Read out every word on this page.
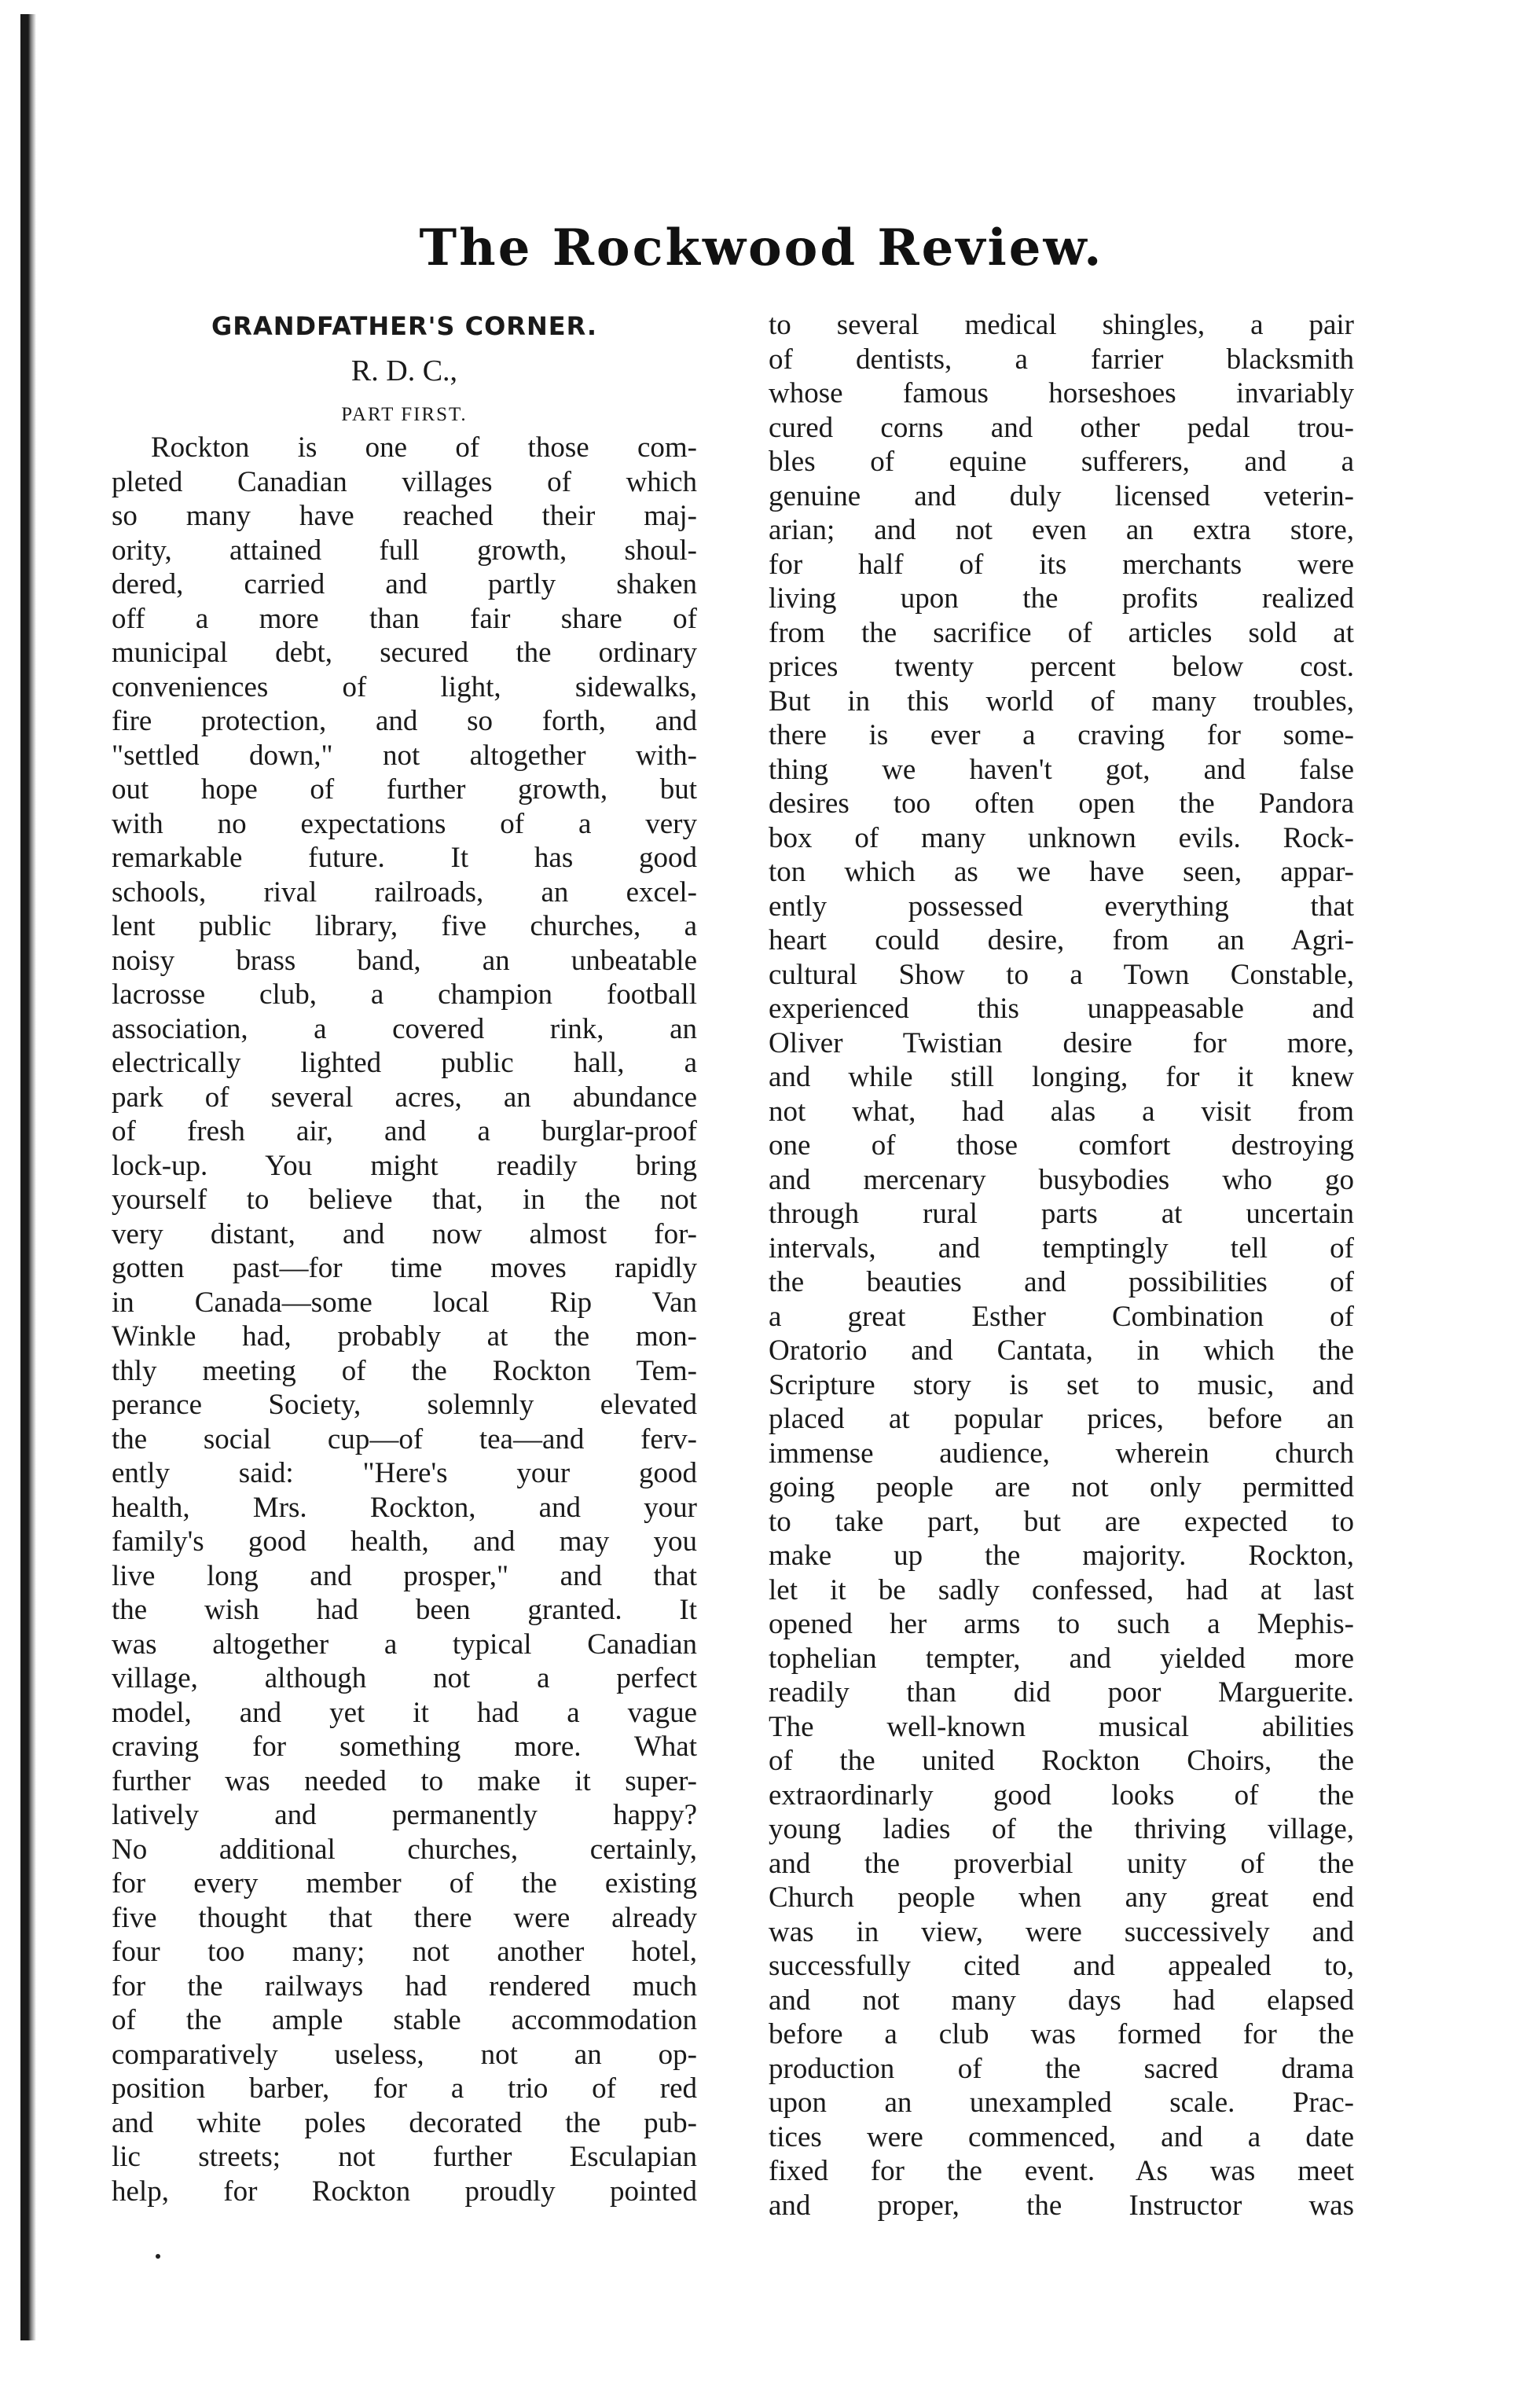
The Rockwood Review.
GRANDFATHER'S CORNER.
R. D. C.,
PART FIRST.
Rockton is one of those com-
pleted Canadian villages of which
so many have reached their maj-
ority, attained full growth, shoul-
dered, carried and partly shaken
off a more than fair share of
municipal debt, secured the ordinary
conveniences of light, sidewalks,
fire protection, and so forth, and
"settled down," not altogether with-
out hope of further growth, but
with no expectations of a very
remarkable future. It has good
schools, rival railroads, an excel-
lent public library, five churches, a
noisy brass band, an unbeatable
lacrosse club, a champion football
association, a covered rink, an
electrically lighted public hall, a
park of several acres, an abundance
of fresh air, and a burglar-proof
lock-up. You might readily bring
yourself to believe that, in the not
very distant, and now almost for-
gotten past—for time moves rapidly
in Canada—some local Rip Van
Winkle had, probably at the mon-
thly meeting of the Rockton Tem-
perance Society, solemnly elevated
the social cup—of tea—and ferv-
ently said: "Here's your good
health, Mrs. Rockton, and your
family's good health, and may you
live long and prosper," and that
the wish had been granted. It
was altogether a typical Canadian
village, although not a perfect
model, and yet it had a vague
craving for something more. What
further was needed to make it super-
latively and permanently happy?
No additional churches, certainly,
for every member of the existing
five thought that there were already
four too many; not another hotel,
for the railways had rendered much
of the ample stable accommodation
comparatively useless, not an op-
position barber, for a trio of red
and white poles decorated the pub-
lic streets; not further Esculapian
help, for Rockton proudly pointed
to several medical shingles, a pair
of dentists, a farrier blacksmith
whose famous horseshoes invariably
cured corns and other pedal trou-
bles of equine sufferers, and a
genuine and duly licensed veterin-
arian; and not even an extra store,
for half of its merchants were
living upon the profits realized
from the sacrifice of articles sold at
prices twenty percent below cost.
But in this world of many troubles,
there is ever a craving for some-
thing we haven't got, and false
desires too often open the Pandora
box of many unknown evils. Rock-
ton which as we have seen, appar-
ently possessed everything that
heart could desire, from an Agri-
cultural Show to a Town Constable,
experienced this unappeasable and
Oliver Twistian desire for more,
and while still longing, for it knew
not what, had alas a visit from
one of those comfort destroying
and mercenary busybodies who go
through rural parts at uncertain
intervals, and temptingly tell of
the beauties and possibilities of
a great Esther Combination of
Oratorio and Cantata, in which the
Scripture story is set to music, and
placed at popular prices, before an
immense audience, wherein church
going people are not only permitted
to take part, but are expected to
make up the majority. Rockton,
let it be sadly confessed, had at last
opened her arms to such a Mephis-
tophelian tempter, and yielded more
readily than did poor Marguerite.
The well-known musical abilities
of the united Rockton Choirs, the
extraordinarly good looks of the
young ladies of the thriving village,
and the proverbial unity of the
Church people when any great end
was in view, were successively and
successfully cited and appealed to,
and not many days had elapsed
before a club was formed for the
production of the sacred drama
upon an unexampled scale. Prac-
tices were commenced, and a date
fixed for the event. As was meet
and proper, the Instructor was
